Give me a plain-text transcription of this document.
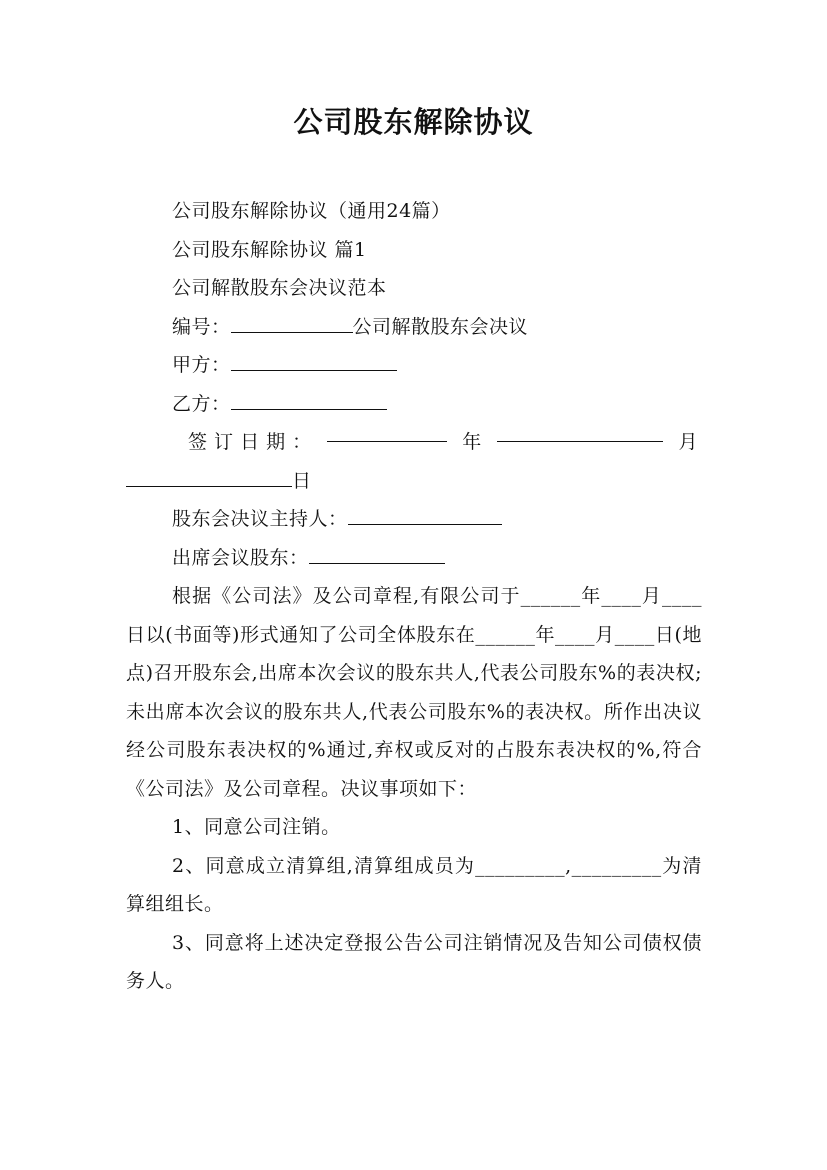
公司股东解除协议

公司股东解除协议（通用24篇）

公司股东解除协议 篇1

公司解散股东会决议范本

编号：	公司解散股东会决议

甲方：

乙方：

签 订 日 期 ：	年	月

日

股东会决议主持人：

出席会议股东：

根据《公司法》及公司章程,有限公司于______年____月____日以(书面等)形式通知了公司全体股东在______年____月____日(地点)召开股东会,出席本次会议的股东共人,代表公司股东%的表决权;未出席本次会议的股东共人,代表公司股东%的表决权。所作出决议经公司股东表决权的%通过,弃权或反对的占股东表决权的%,符合《公司法》及公司章程。决议事项如下：

1、同意公司注销。

2、同意成立清算组,清算组成员为_________,_________为清算组组长。

3、同意将上述决定登报公告公司注销情况及告知公司债权债务人。
